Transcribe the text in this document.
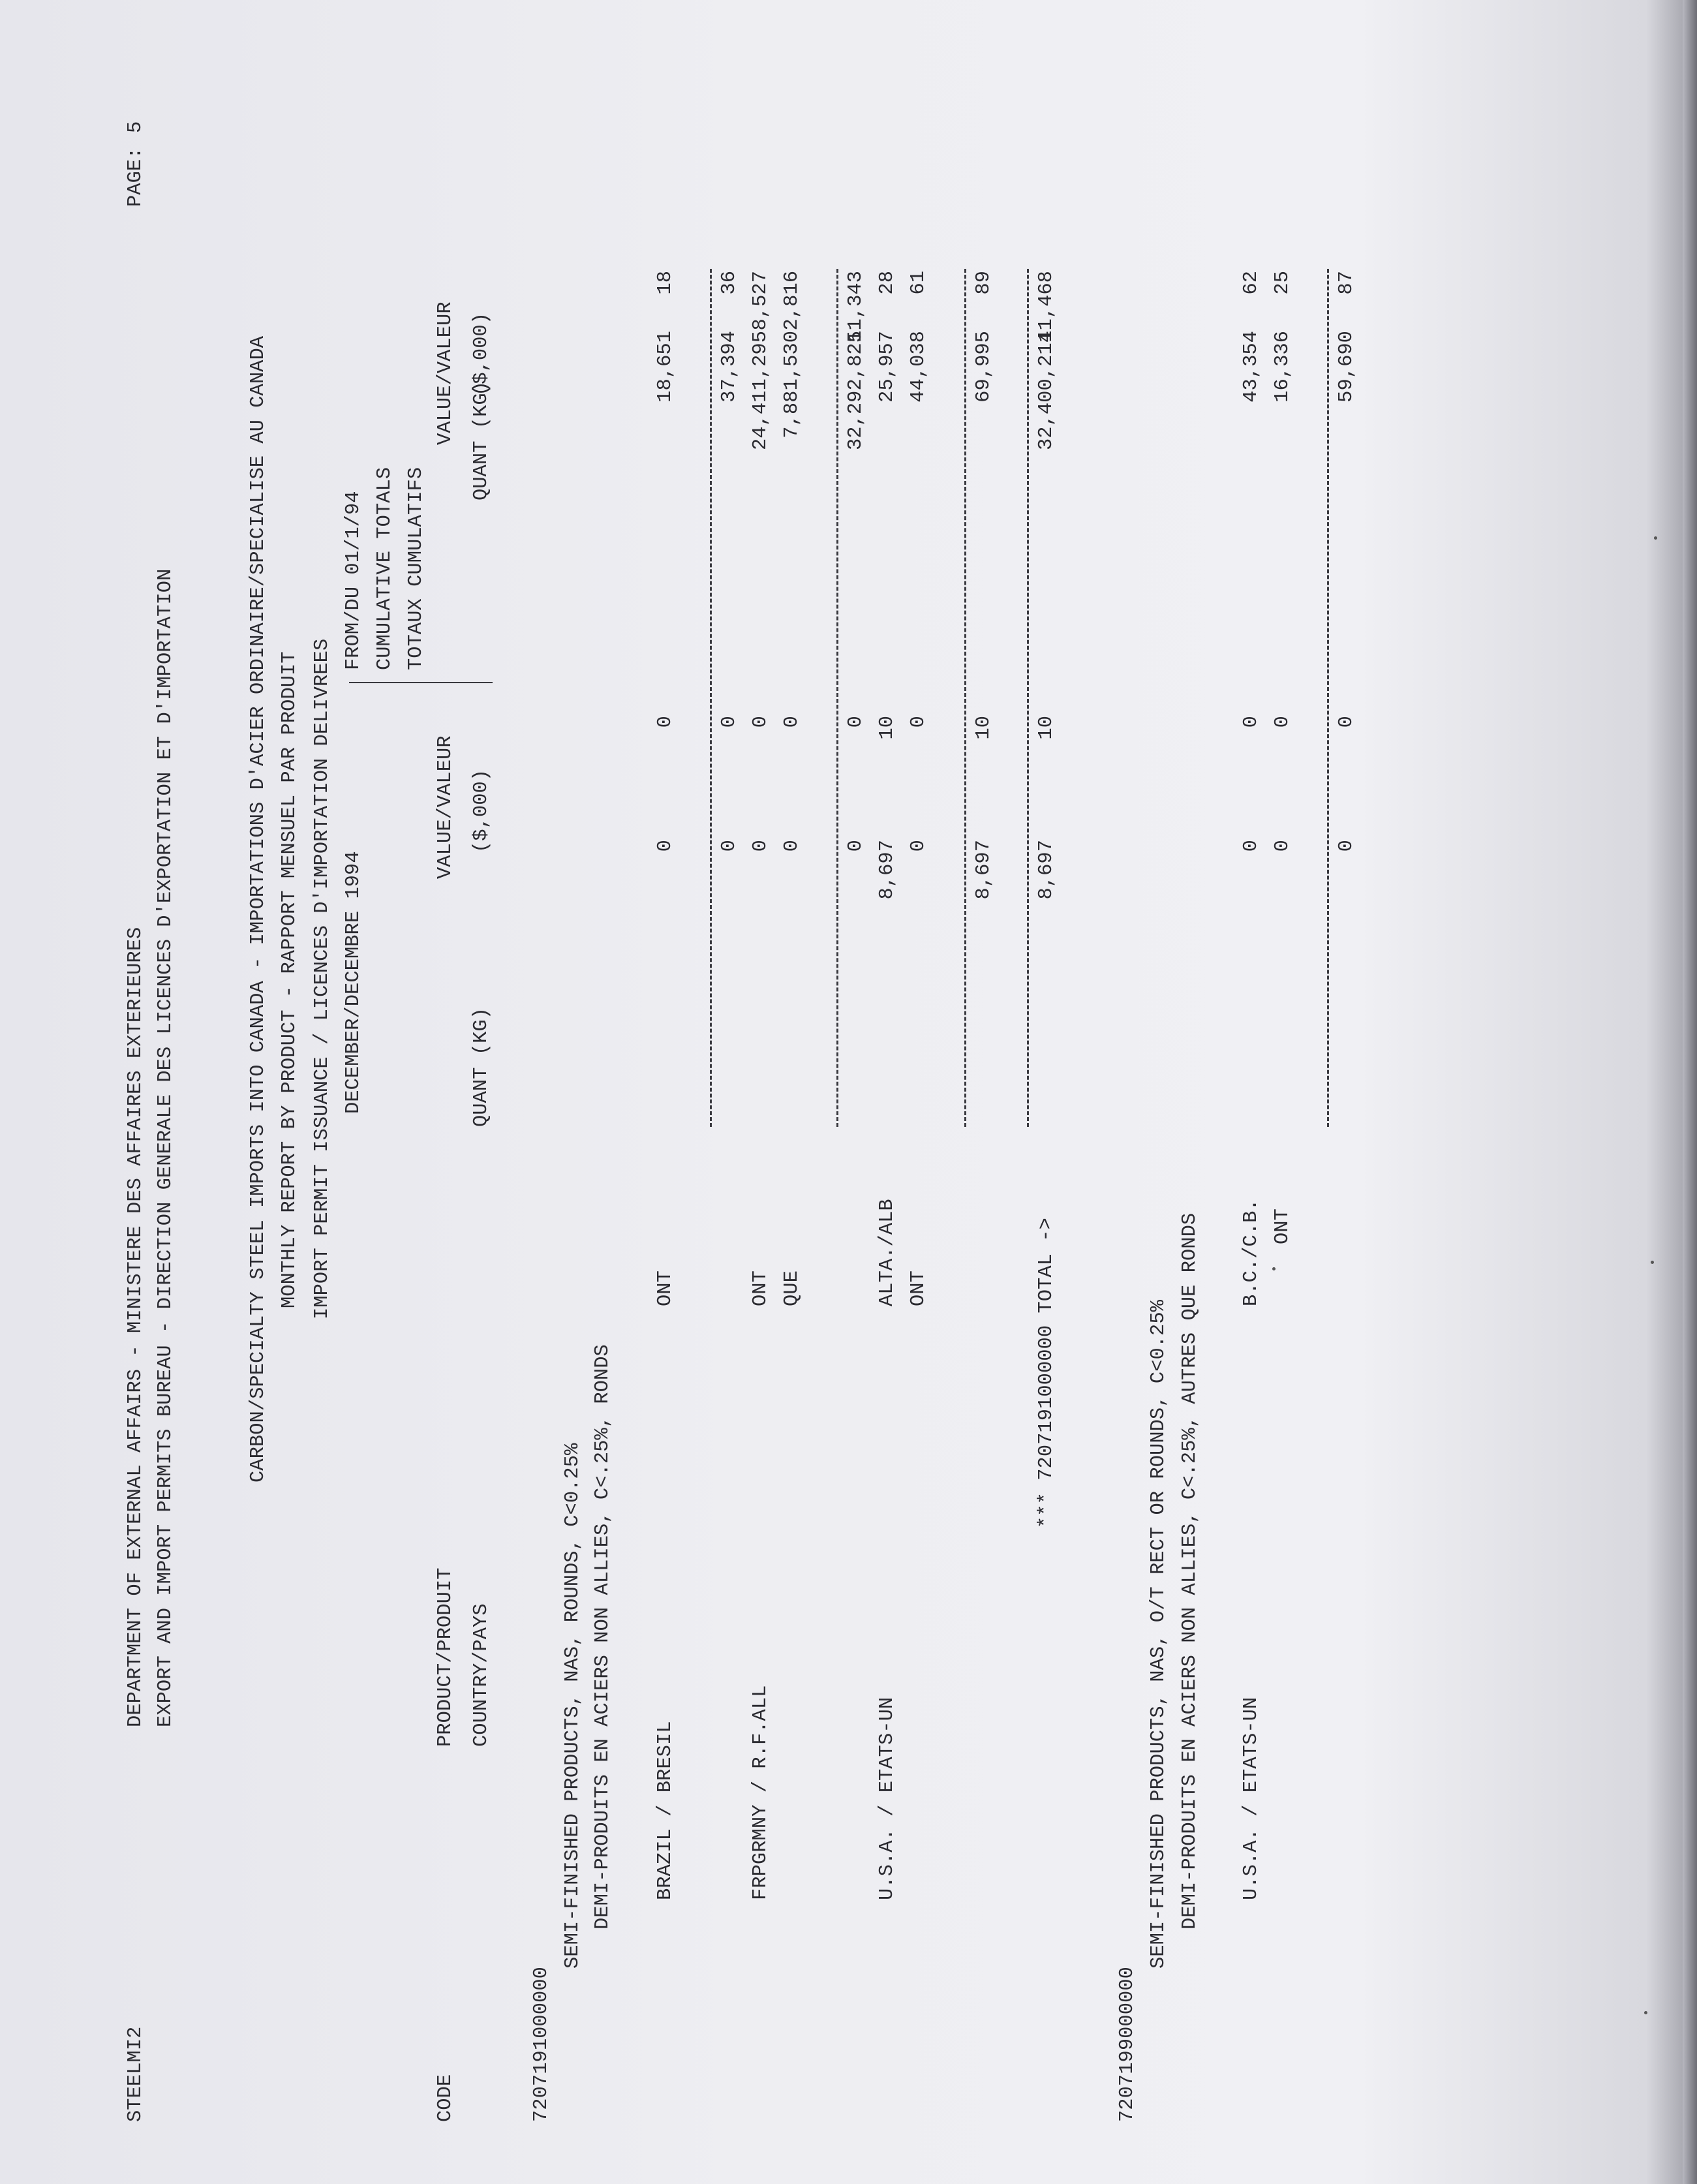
STEELMI2
DEPARTMENT OF EXTERNAL AFFAIRS - MINISTERE DES AFFAIRES EXTERIEURES EXPORT AND IMPORT PERMITS BUREAU - DIRECTION GENERALE DES LICENCES D'EXPORTATION ET D'IMPORTATION
PAGE:
5
CARBON/SPECIALTY STEEL IMPORTS INTO CANADA - IMPORTATIONS D'ACIER ORDINAIRE/SPECIALISE AU CANADA MONTHLY REPORT BY PRODUCT - RAPPORT MENSUEL PAR PRODUIT IMPORT PERMIT ISSUANCE / LICENCES D'IMPORTATION DELIVREES DECEMBER/DECEMBRE 1994
FROM/DU 01/1/94 CUMULATIVE TOTALS TOTAUX CUMULATIFS
CODE
PRODUCT/PRODUIT
VALUE/VALEUR
VALUE/VALEUR
QUANT (KG)
($,000)
QUANT (KG)
($,000)
COUNTRY/PAYS
7207191000000
SEMI-FINISHED PRODUCTS, NAS, ROUNDS, C<0.25% DEMI-PRODUITS EN ACIERS NON ALLIES, C<.25%, RONDS BRAZIL / BRESIL
ONT
0
0
18,651
18
0
0
37,394
36
FRPGRMNY / R.F.ALL
ONT
0
0
24,411,295
8,527
QUE
0
0
7,881,530
2,816
0
0
32,292,825
11,343
U.S.A. / ETATS-UN
ALTA./ALB
8,697
10
25,957
28
ONT
0
0
44,038
61
8,697
10
69,995
89
*** 7207191000000 TOTAL ->
8,697
10
32,400,214
11,468
7207199000000
SEMI-FINISHED PRODUCTS, NAS, O/T RECT OR ROUNDS, C<0.25% DEMI-PRODUITS EN ACIERS NON ALLIES, C<.25%, AUTRES QUE RONDS U.S.A. / ETATS-UN
B.C./C.B.
0
0
43,354
62
ONT
0
0
16,336
25
0
0
59,690
87
